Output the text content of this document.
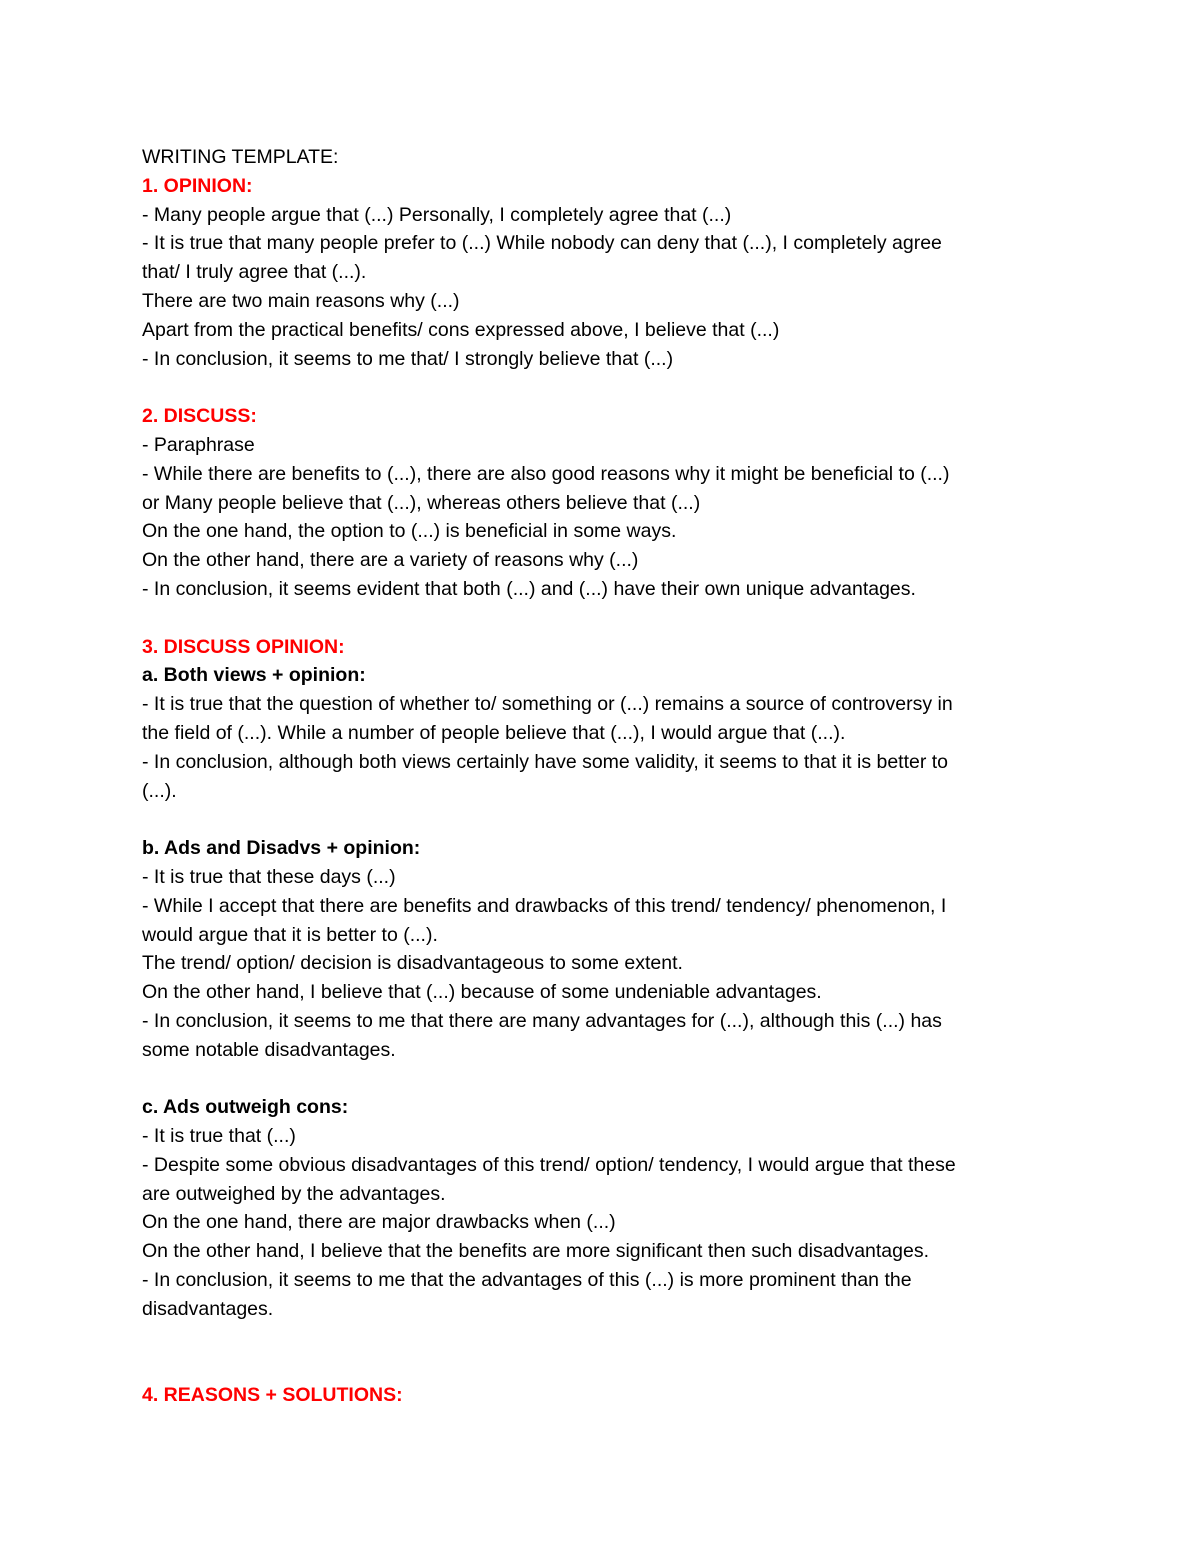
WRITING TEMPLATE:
1. OPINION:
- Many people argue that (...) Personally, I completely agree that (...)
- It is true that many people prefer to (...) While nobody can deny that (...), I completely agree
that/ I truly agree that (...).
There are two main reasons why (...)
Apart from the practical benefits/ cons expressed above, I believe that (...)
- In conclusion, it seems to me that/ I strongly believe that (...)
2. DISCUSS:
- Paraphrase
- While there are benefits to (...), there are also good reasons why it might be beneficial to (...)
or Many people believe that (...), whereas others believe that (...)
On the one hand, the option to (...) is beneficial in some ways.
On the other hand, there are a variety of reasons why (...)
- In conclusion, it seems evident that both (...) and (...) have their own unique advantages.
3. DISCUSS OPINION:
a. Both views + opinion:
- It is true that the question of whether to/ something or (...) remains a source of controversy in
the field of (...). While a number of people believe that (...), I would argue that (...).
- In conclusion, although both views certainly have some validity, it seems to that it is better to
(...).
b. Ads and Disadvs + opinion:
- It is true that these days (...)
- While I accept that there are benefits and drawbacks of this trend/ tendency/ phenomenon, I
would argue that it is better to (...).
The trend/ option/ decision is disadvantageous to some extent.
On the other hand, I believe that (...) because of some undeniable advantages.
- In conclusion, it seems to me that there are many advantages for (...), although this (...) has
some notable disadvantages.
c. Ads outweigh cons:
- It is true that (...)
- Despite some obvious disadvantages of this trend/ option/ tendency, I would argue that these
are outweighed by the advantages.
On the one hand, there are major drawbacks when (...)
On the other hand, I believe that the benefits are more significant then such disadvantages.
- In conclusion, it seems to me that the advantages of this (...) is more prominent than the
disadvantages.
4. REASONS + SOLUTIONS:
